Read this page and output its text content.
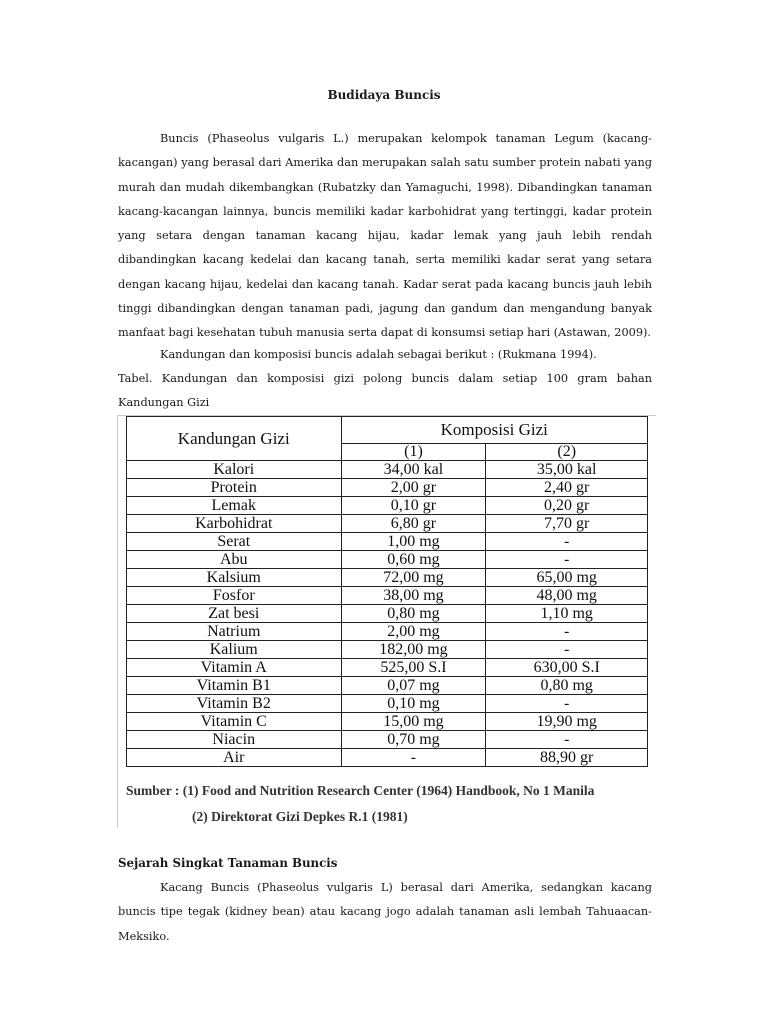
Budidaya Buncis

Buncis (Phaseolus vulgaris L.) merupakan kelompok tanaman Legum (kacang-kacangan) yang berasal dari Amerika dan merupakan salah satu sumber protein nabati yang murah dan mudah dikembangkan (Rubatzky dan Yamaguchi, 1998). Dibandingkan tanaman kacang-kacangan lainnya, buncis memiliki kadar karbohidrat yang tertinggi, kadar protein yang setara dengan tanaman kacang hijau, kadar lemak yang jauh lebih rendah dibandingkan kacang kedelai dan kacang tanah, serta memiliki kadar serat yang setara dengan kacang hijau, kedelai dan kacang tanah. Kadar serat pada kacang buncis jauh lebih tinggi dibandingkan dengan tanaman padi, jagung dan gandum dan mengandung banyak manfaat bagi kesehatan tubuh manusia serta dapat di konsumsi setiap hari (Astawan, 2009).

Kandungan dan komposisi buncis adalah sebagai berikut : (Rukmana 1994).

Tabel. Kandungan dan komposisi gizi polong buncis dalam setiap 100 gram bahan Kandungan Gizi

Kandungan Gizi	Komposisi Gizi	
	(1)	(2)
Kalori	34,00 kal	35,00 kal
Protein	2,00 gr	2,40 gr
Lemak	0,10 gr	0,20 gr
Karbohidrat	6,80 gr	7,70 gr
Serat	1,00 mg	-
Abu	0,60 mg	-
Kalsium	72,00 mg	65,00 mg
Fosfor	38,00 mg	48,00 mg
Zat besi	0,80 mg	1,10 mg
Natrium	2,00 mg	-
Kalium	182,00 mg	-
Vitamin A	525,00 S.I	630,00 S.I
Vitamin B1	0,07 mg	0,80 mg
Vitamin B2	0,10 mg	-
Vitamin C	15,00 mg	19,90 mg
Niacin	0,70 mg	-
Air	-	88,90 gr
Sumber : (1) Food and Nutrition Research Center (1964) Handbook, No 1 Manila
(2) Direktorat Gizi Depkes R.1 (1981)
Sejarah Singkat Tanaman Buncis

Kacang Buncis (Phaseolus vulgaris L) berasal dari Amerika, sedangkan kacang buncis tipe tegak (kidney bean) atau kacang jogo adalah tanaman asli lembah Tahuaacan-Meksiko.
